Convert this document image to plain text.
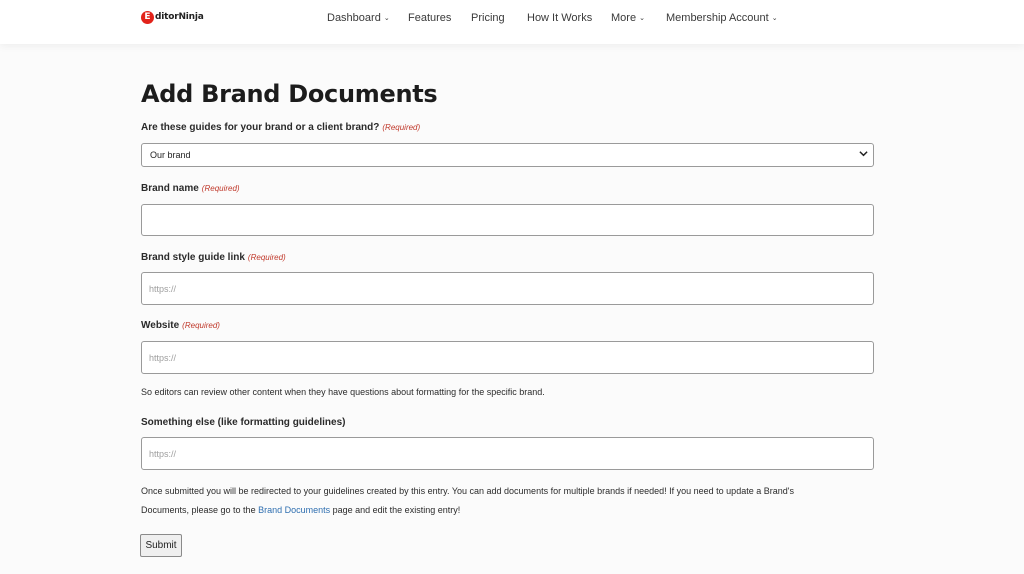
E ditorNinja	Dashboard ⌄ Features Pricing How It Works More ⌄ Membership Account ⌄
Add Brand Documents
Are these guides for your brand or a client brand? (Required)
Our brand
Brand name (Required)
Brand style guide link (Required)
https://
Website (Required)
https://
So editors can review other content when they have questions about formatting for the specific brand.
Something else (like formatting guidelines)
https://
Once submitted you will be redirected to your guidelines created by this entry. You can add documents for multiple brands if needed! If you need to update a Brand's
Documents, please go to the Brand Documents page and edit the existing entry!
Submit
